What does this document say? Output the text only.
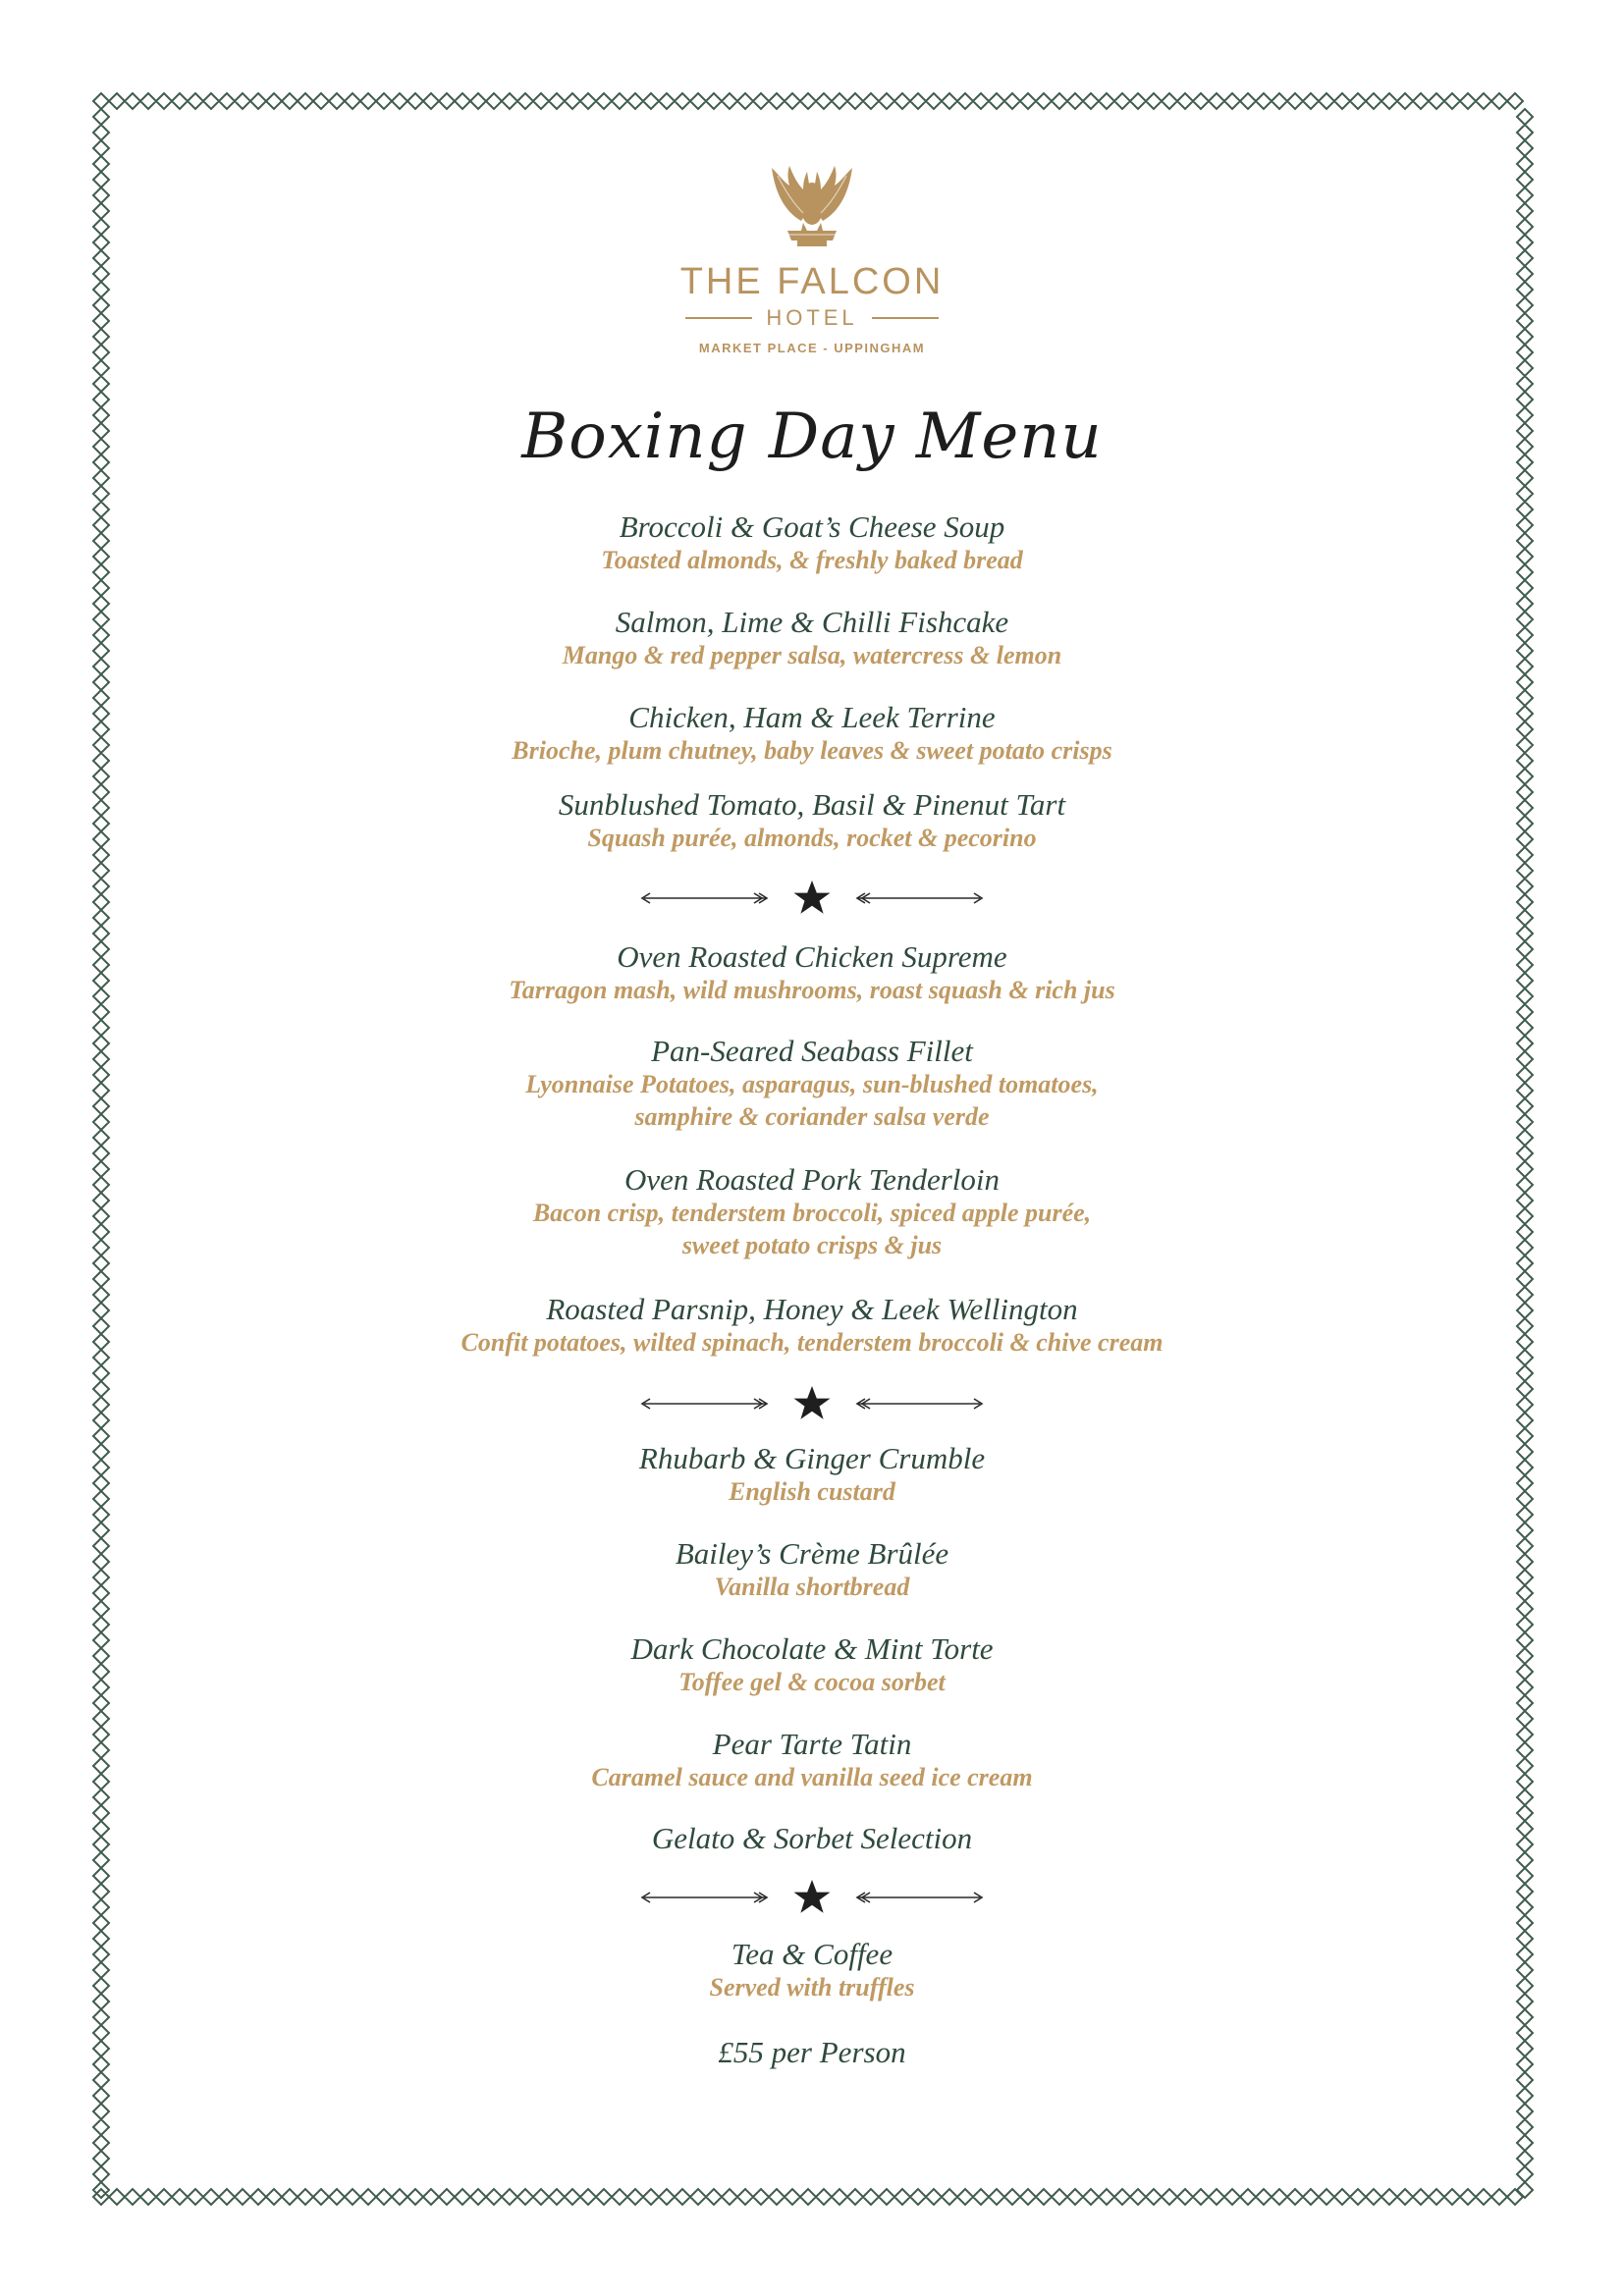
THE FALCON
HOTEL
MARKET PLACE - UPPINGHAM
Boxing Day Menu
Broccoli & Goat’s Cheese Soup
Toasted almonds, & freshly baked bread
Salmon, Lime & Chilli Fishcake
Mango & red pepper salsa, watercress & lemon
Chicken, Ham & Leek Terrine
Brioche, plum chutney, baby leaves & sweet potato crisps
Sunblushed Tomato, Basil & Pinenut Tart
Squash purée, almonds, rocket & pecorino
Oven Roasted Chicken Supreme
Tarragon mash, wild mushrooms, roast squash & rich jus
Pan-Seared Seabass Fillet
Lyonnaise Potatoes, asparagus, sun-blushed tomatoes,
samphire & coriander salsa verde
Oven Roasted Pork Tenderloin
Bacon crisp, tenderstem broccoli, spiced apple purée,
sweet potato crisps & jus
Roasted Parsnip, Honey & Leek Wellington
Confit potatoes, wilted spinach, tenderstem broccoli & chive cream
Rhubarb & Ginger Crumble
English custard
Bailey’s Crème Brûlée
Vanilla shortbread
Dark Chocolate & Mint Torte
Toffee gel & cocoa sorbet
Pear Tarte Tatin
Caramel sauce and vanilla seed ice cream
Gelato & Sorbet Selection
Tea & Coffee
Served with truffles
£55 per Person
